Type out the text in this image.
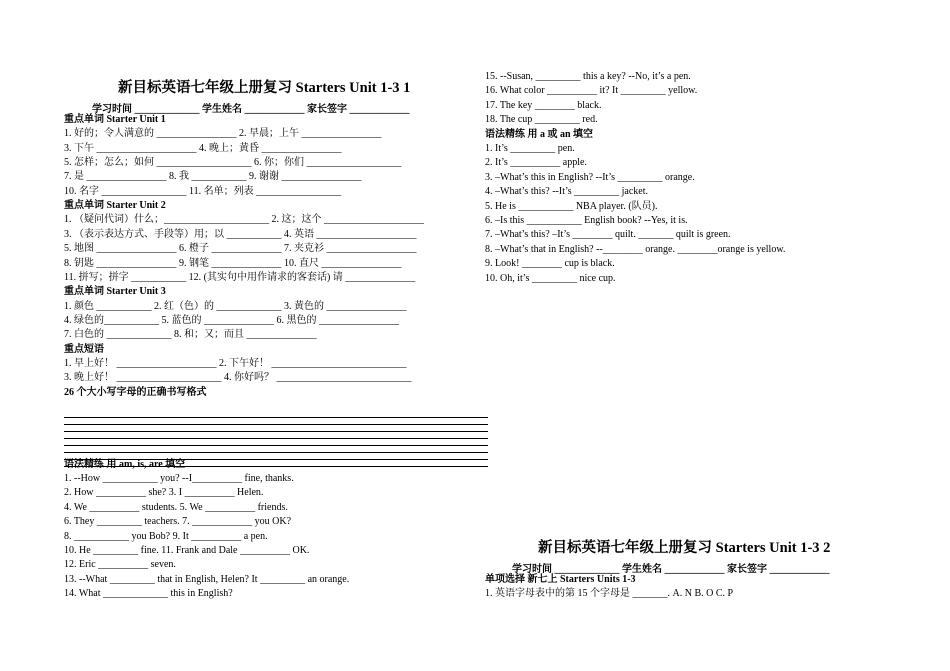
新目标英语七年级上册复习 Starters Unit 1-3 1
学习时间 _____________ 学生姓名 ____________ 家长签字 ____________
重点单词 Starter Unit 1
1. 好的；令人满意的 ________________ 2. 早晨；上午 ________________
3. 下午 ____________________ 4. 晚上；黄昏 ________________
5. 怎样；怎么；如何 ___________________ 6. 你；你们 ___________________
7. 是 ________________ 8. 我 ___________ 9. 谢谢 ________________
10. 名字 _________________ 11. 名单；列表 _________________
重点单词 Starter Unit 2
1. （疑问代词）什么；_____________________ 2. 这；这个 ____________________
3. （表示表达方式、手段等）用；以 ___________ 4. 英语 ____________________
5. 地图 ________________ 6. 橙子 ______________ 7. 夹克衫 __________________
8. 钥匙 ________________ 9. 钢笔 ______________ 10. 直尺 ________________
11. 拼写；拼字 ___________ 12. (其实句中用作请求的客套话) 请 ______________
重点单词 Starter Unit 3
1. 颜色 ___________ 2. 红（色）的 _____________ 3. 黄色的 ________________
4. 绿色的___________ 5. 蓝色的 ______________ 6. 黑色的 ________________
7. 白色的 _____________ 8. 和；又；而且 ______________
重点短语
1. 早上好！ ____________________ 2. 下午好！ ___________________________
3. 晚上好！ _____________________ 4. 你好吗？ ___________________________
26 个大小写字母的正确书写格式
语法精练 用 am, is, are 填空
1. --How ___________ you? --I__________ fine, thanks.
2. How __________ she? 3. I __________ Helen.
4. We __________ students. 5. We __________ friends.
6. They _________ teachers. 7. ____________ you OK?
8. ___________ you Bob? 9. It __________ a pen.
10. He _________ fine. 11. Frank and Dale __________ OK.
12. Eric __________ seven.
13. --What _________ that in English, Helen? It _________ an orange.
14. What _____________ this in English?
15. --Susan, _________ this a key? --No, it’s a pen.
16. What color __________ it? It _________ yellow.
17. The key ________ black.
18. The cup _________ red.
语法精练 用 a 或 an 填空
1. It’s _________ pen.
2. It’s __________ apple.
3. –What’s this in English? --It’s _________ orange.
4. –What’s this? --It’s _________ jacket.
5. He is ___________ NBA player. (队员).
6. –Is this ___________ English book? --Yes, it is.
7. –What’s this? –It’s ________ quilt. _______ quilt is green.
8. –What’s that in English? --________ orange. ________orange is yellow.
9. Look! ________ cup is black.
10. Oh, it’s _________ nice cup.
新目标英语七年级上册复习 Starters Unit 1-3 2
学习时间 _____________ 学生姓名 ____________ 家长签字 ____________
单项选择 新七上 Starters Units 1-3
1. 英语字母表中的第 15 个字母是 _______. A. N B. O C. P
